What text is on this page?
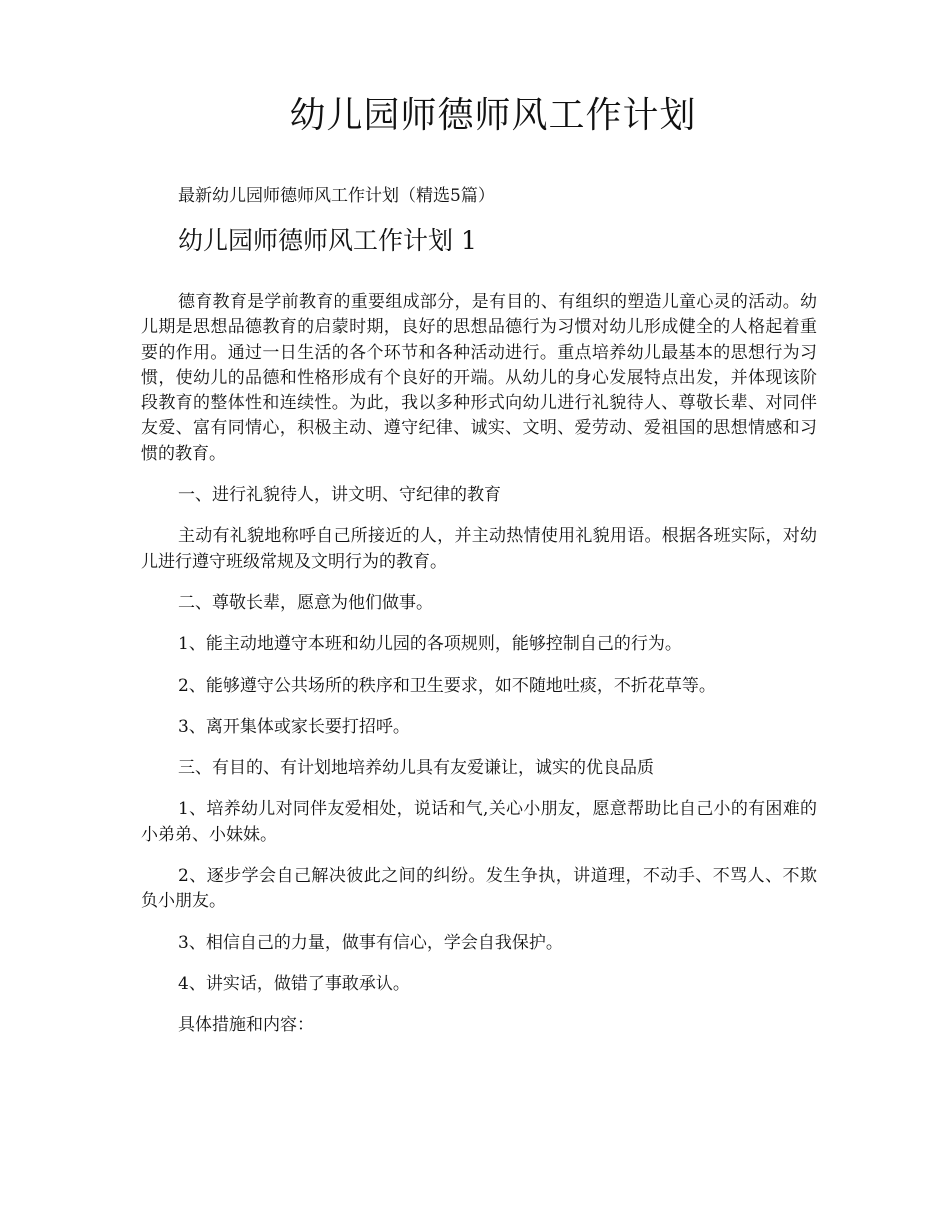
幼儿园师德师风工作计划

最新幼儿园师德师风工作计划（精选5篇）

幼儿园师德师风工作计划 1

德育教育是学前教育的重要组成部分，是有目的、有组织的塑造儿童心灵的活动。幼儿期是思想品德教育的启蒙时期，良好的思想品德行为习惯对幼儿形成健全的人格起着重要的作用。通过一日生活的各个环节和各种活动进行。重点培养幼儿最基本的思想行为习惯，使幼儿的品德和性格形成有个良好的开端。从幼儿的身心发展特点出发，并体现该阶段教育的整体性和连续性。为此，我以多种形式向幼儿进行礼貌待人、尊敬长辈、对同伴友爱、富有同情心，积极主动、遵守纪律、诚实、文明、爱劳动、爱祖国的思想情感和习惯的教育。

一、进行礼貌待人，讲文明、守纪律的教育

主动有礼貌地称呼自己所接近的人，并主动热情使用礼貌用语。根据各班实际，对幼儿进行遵守班级常规及文明行为的教育。

二、尊敬长辈，愿意为他们做事。

1、能主动地遵守本班和幼儿园的各项规则，能够控制自己的行为。

2、能够遵守公共场所的秩序和卫生要求，如不随地吐痰，不折花草等。

3、离开集体或家长要打招呼。

三、有目的、有计划地培养幼儿具有友爱谦让，诚实的优良品质

1、培养幼儿对同伴友爱相处，说话和气,关心小朋友，愿意帮助比自己小的有困难的小弟弟、小妹妹。

2、逐步学会自己解决彼此之间的纠纷。发生争执，讲道理，不动手、不骂人、不欺负小朋友。

3、相信自己的力量，做事有信心，学会自我保护。

4、讲实话，做错了事敢承认。

具体措施和内容：
